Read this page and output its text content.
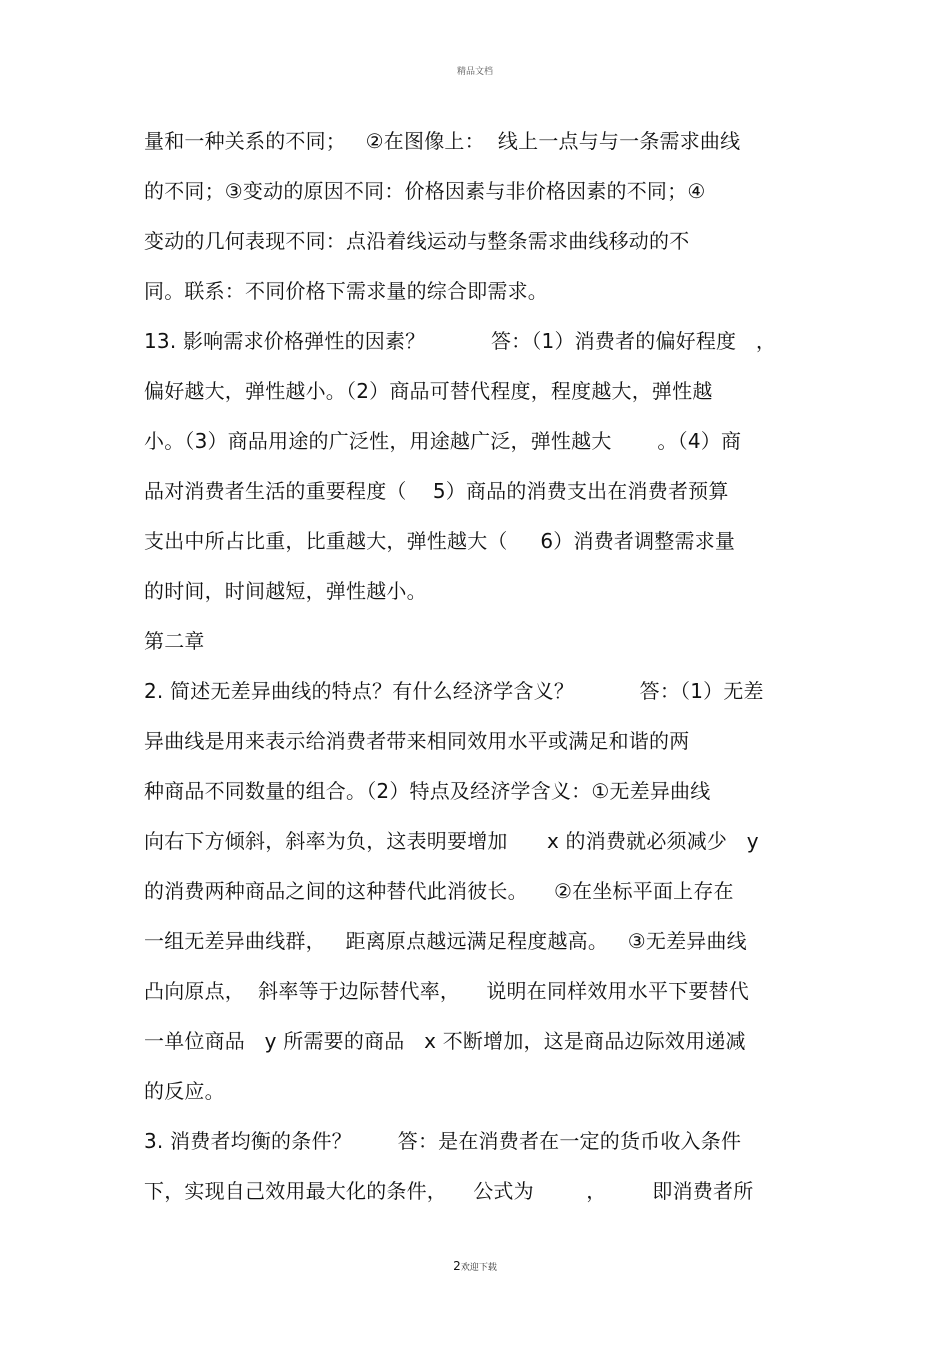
精品文档
量和一种关系的不同；   ②在图像上：  线上一点与与一条需求曲线
的不同；③变动的原因不同：价格因素与非价格因素的不同；④
变动的几何表现不同：点沿着线运动与整条需求曲线移动的不
同。联系：不同价格下需求量的综合即需求。
13. 影响需求价格弹性的因素？          答：（1）消费者的偏好程度   ，
偏好越大，弹性越小。（2）商品可替代程度，程度越大，弹性越
小。（3）商品用途的广泛性，用途越广泛，弹性越大       。（4）商
品对消费者生活的重要程度（    5）商品的消费支出在消费者预算
支出中所占比重，比重越大，弹性越大（     6）消费者调整需求量
的时间，时间越短，弹性越小。
第二章
2. 简述无差异曲线的特点？有什么经济学含义？          答：（1）无差
异曲线是用来表示给消费者带来相同效用水平或满足和谐的两
种商品不同数量的组合。（2）特点及经济学含义：①无差异曲线
向右下方倾斜，斜率为负，这表明要增加      x 的消费就必须减少   y
的消费两种商品之间的这种替代此消彼长。    ②在坐标平面上存在
一组无差异曲线群，   距离原点越远满足程度越高。   ③无差异曲线
凸向原点，  斜率等于边际替代率，    说明在同样效用水平下要替代
一单位商品   y 所需要的商品   x 不断增加，这是商品边际效用递减
的反应。
3. 消费者均衡的条件？       答：是在消费者在一定的货币收入条件
下，实现自己效用最大化的条件，    公式为        ，       即消费者所
2欢迎下载
